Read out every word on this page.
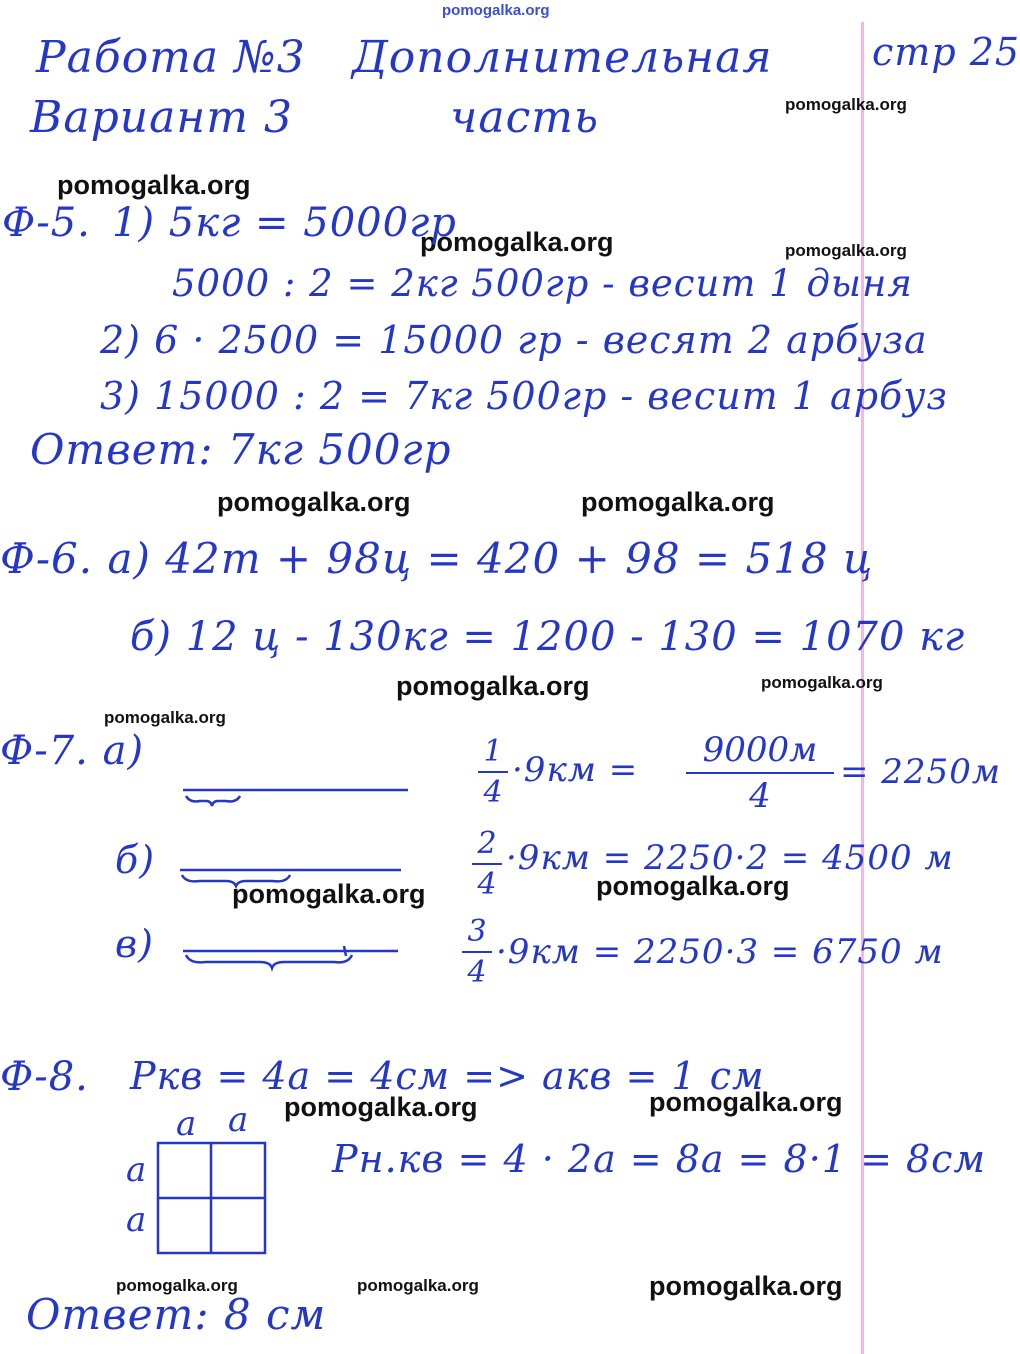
pomogalka.org
pomogalka.org
pomogalka.org
pomogalka.org	pomogalka.org
pomogalka.org	pomogalka.org
pomogalka.org	pomogalka.org
pomogalka.org
pomogalka.org
pomogalka.org
pomogalka.org
pomogalka.org
pomogalka.org	pomogalka.org	pomogalka.org
Работа №3
Вариант 3
Дополнительная
часть
стр 25
Ф-5. 1) 5кг = 5000гр
5000 : 2 = 2кг 500гр - весит 1 дыня
2) 6 · 2500 = 15000 гр - весят 2 арбуза
3) 15000 : 2 = 7кг 500гр - весит 1 арбуз
Ответ: 7кг 500гр
Ф-6. а) 42т + 98ц = 420 + 98 = 518 ц
б) 12 ц - 130кг = 1200 - 130 = 1070 кг
Ф-7. а)	1
4
·9км =	9000м
4
= 2250м
б)	2
4
·9км = 2250·2 = 4500 м
в)	3
4
·9км = 2250·3 = 6750 м
Ф-8. Pкв = 4a = 4см => aкв = 1 см
Pн.кв = 4 · 2a = 8a = 8·1 = 8см
a a
a
a
Ответ: 8 см
